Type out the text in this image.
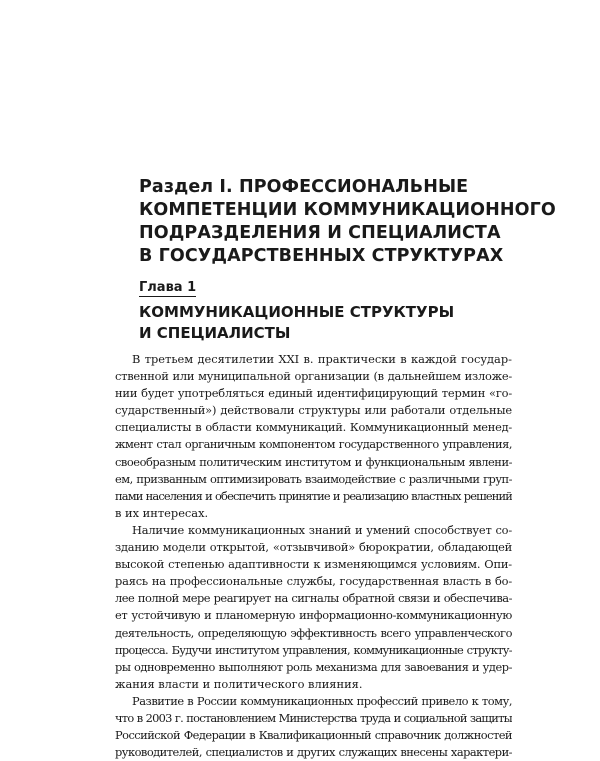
Раздел I. ПРОФЕССИОНАЛЬНЫЕ
КОМПЕТЕНЦИИ КОММУНИКАЦИОННОГО
ПОДРАЗДЕЛЕНИЯ И СПЕЦИАЛИСТА
В ГОСУДАРСТВЕННЫХ СТРУКТУРАХ
Глава 1
КОММУНИКАЦИОННЫЕ СТРУКТУРЫ
И СПЕЦИАЛИСТЫ
В третьем десятилетии XXI в. практически в каждой государ-
ственной или муниципальной организации (в дальнейшем изложе-
нии будет употребляться единый идентифицирующий термин «го-
сударственный») действовали структуры или работали отдельные
специалисты в области коммуникаций. Коммуникационный менед-
жмент стал органичным компонентом государственного управления,
своеобразным политическим институтом и функциональным явлени-
ем, призванным оптимизировать взаимодействие с различными груп-
пами населения и обеспечить принятие и реализацию властных решений
в их интересах.
Наличие коммуникационных знаний и умений способствует со-
зданию модели открытой, «отзывчивой» бюрократии, обладающей
высокой степенью адаптивности к изменяющимся условиям. Опи-
раясь на профессиональные службы, государственная власть в бо-
лее полной мере реагирует на сигналы обратной связи и обеспечива-
ет устойчивую и планомерную информационно-коммуникационную
деятельность, определяющую эффективность всего управленческого
процесса. Будучи институтом управления, коммуникационные структу-
ры одновременно выполняют роль механизма для завоевания и удер-
жания власти и политического влияния.
Развитие в России коммуникационных профессий привело к тому,
что в 2003 г. постановлением Министерства труда и социальной защиты
Российской Федерации в Квалификационный справочник должностей
руководителей, специалистов и других служащих внесены характери-
